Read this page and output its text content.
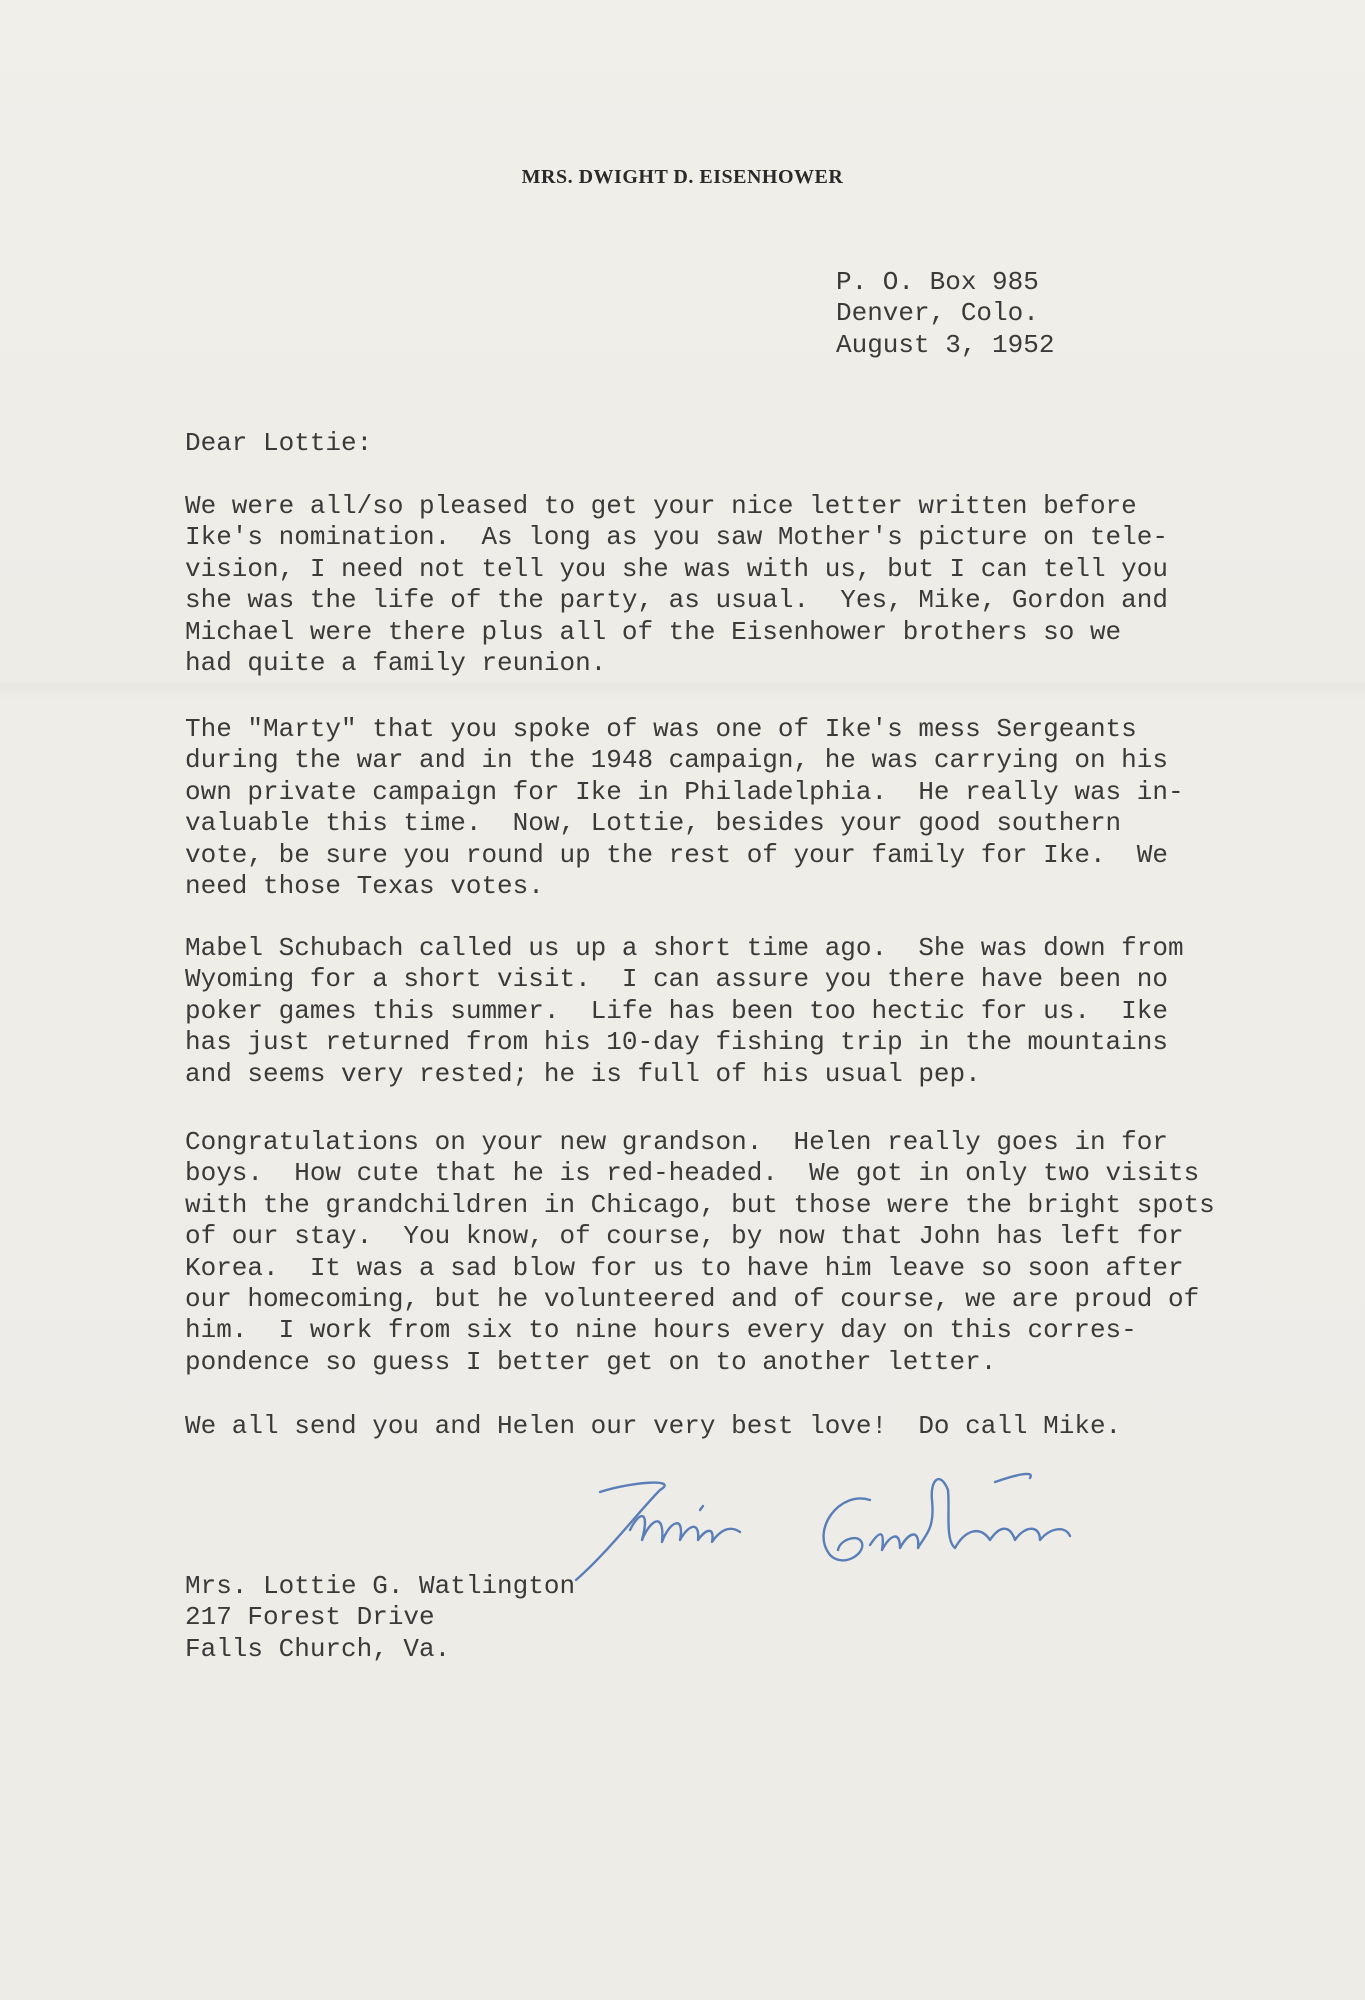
MRS. DWIGHT D. EISENHOWER
P. O. Box 985
Denver, Colo.
August 3, 1952
Dear Lottie:
We were all/so pleased to get your nice letter written before
Ike's nomination.  As long as you saw Mother's picture on tele-
vision, I need not tell you she was with us, but I can tell you
she was the life of the party, as usual.  Yes, Mike, Gordon and
Michael were there plus all of the Eisenhower brothers so we
had quite a family reunion.
The "Marty" that you spoke of was one of Ike's mess Sergeants
during the war and in the 1948 campaign, he was carrying on his
own private campaign for Ike in Philadelphia.  He really was in-
valuable this time.  Now, Lottie, besides your good southern
vote, be sure you round up the rest of your family for Ike.  We
need those Texas votes.
Mabel Schubach called us up a short time ago.  She was down from
Wyoming for a short visit.  I can assure you there have been no
poker games this summer.  Life has been too hectic for us.  Ike
has just returned from his 10-day fishing trip in the mountains
and seems very rested; he is full of his usual pep.
Congratulations on your new grandson.  Helen really goes in for
boys.  How cute that he is red-headed.  We got in only two visits
with the grandchildren in Chicago, but those were the bright spots
of our stay.  You know, of course, by now that John has left for
Korea.  It was a sad blow for us to have him leave so soon after
our homecoming, but he volunteered and of course, we are proud of
him.  I work from six to nine hours every day on this corres-
pondence so guess I better get on to another letter.
We all send you and Helen our very best love!  Do call Mike.
Mrs. Lottie G. Watlington
217 Forest Drive
Falls Church, Va.
